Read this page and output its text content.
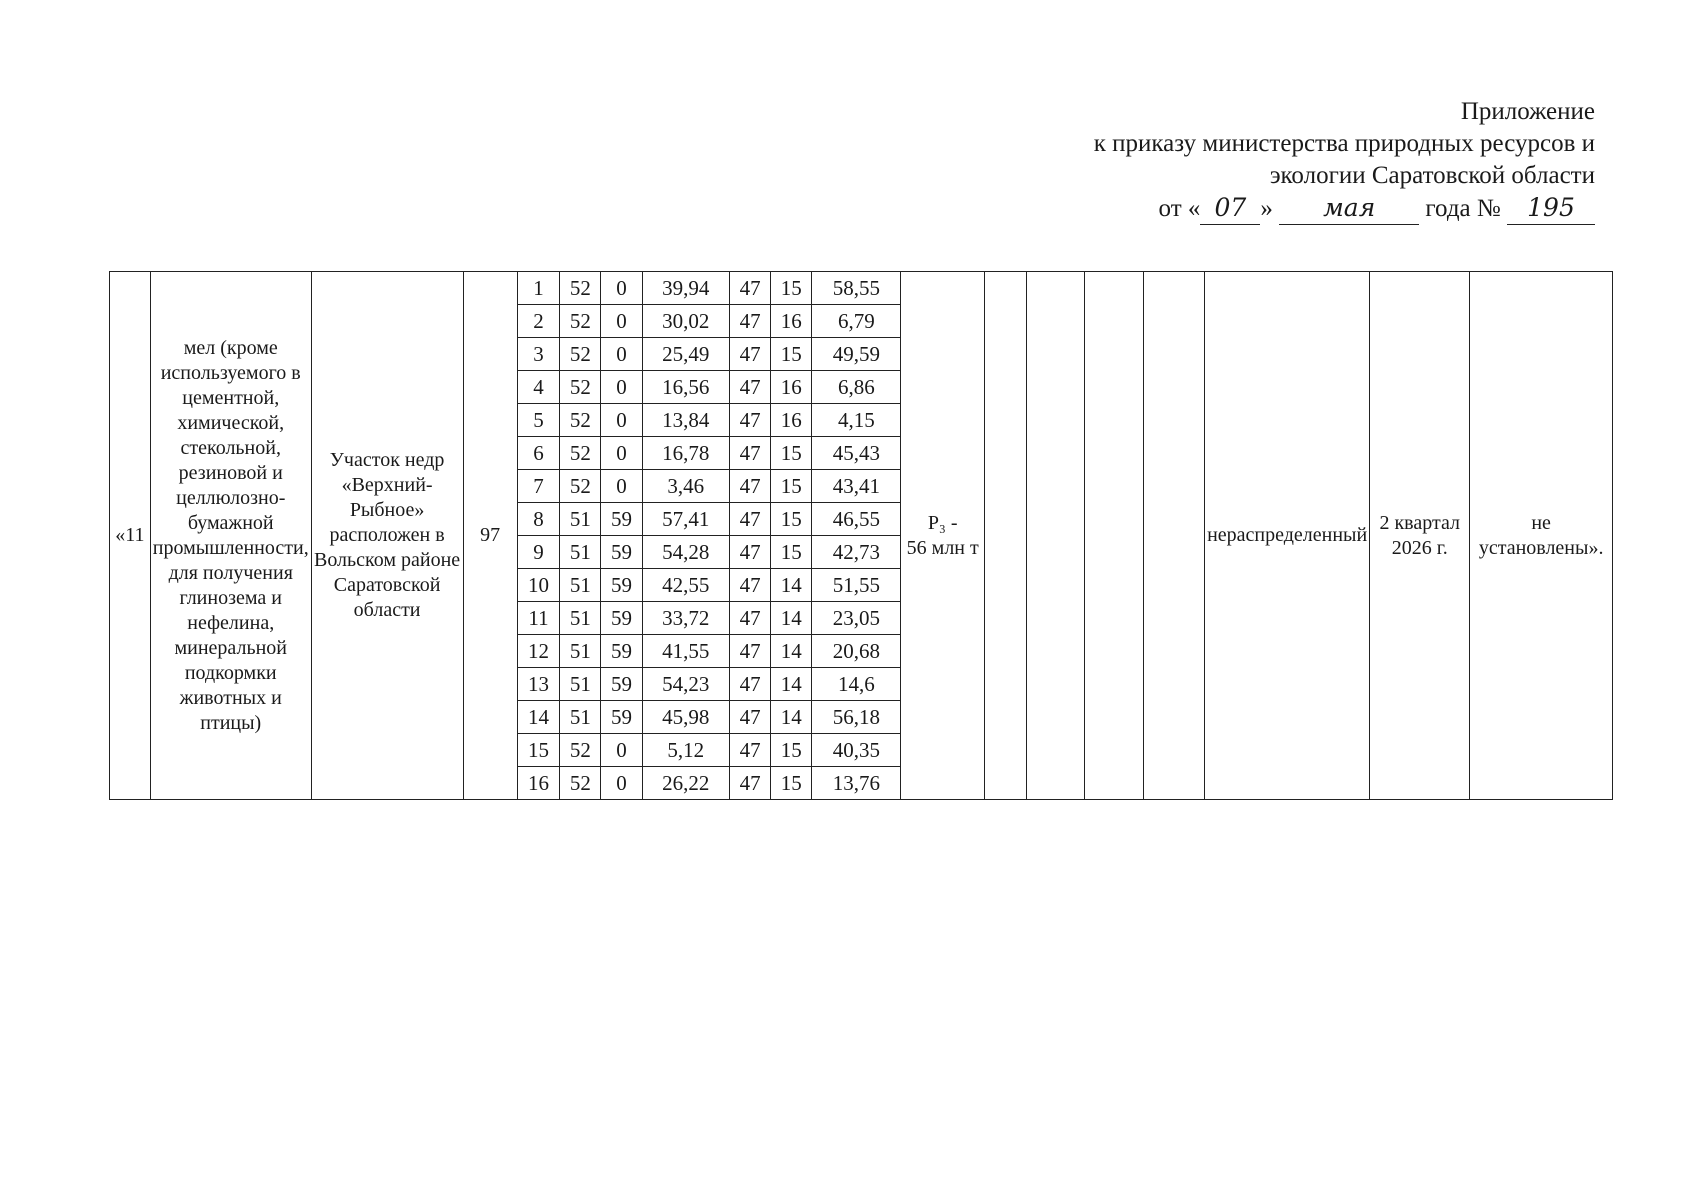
Приложение
к приказу министерства природных ресурсов и
экологии Саратовской области
от « 07 » мая года № 195
«11	мел (кроме используемого в цементной, химической, стекольной, резиновой и целлюлозно-бумажной промышленности, для получения глинозема и нефелина, минеральной подкормки животных и птицы)	Участок недр «Верхний-Рыбное» расположен в Вольском районе Саратовской области	97	
1	52	0	39,94	47	15	58,55
2	52	0	30,02	47	16	6,79
3	52	0	25,49	47	15	49,59
4	52	0	16,56	47	16	6,86
5	52	0	13,84	47	16	4,15
6	52	0	16,78	47	15	45,43
7	52	0	3,46	47	15	43,41
8	51	59	57,41	47	15	46,55
9	51	59	54,28	47	15	42,73
10	51	59	42,55	47	14	51,55
11	51	59	33,72	47	14	23,05
12	51	59	41,55	47	14	20,68
13	51	59	54,23	47	14	14,6
14	51	59	45,98	47	14	56,18
15	52	0	5,12	47	15	40,35
16	52	0	26,22	47	15	13,76
	P₃ -
56 млн т					нераспределенный	2 квартал 2026 г.	не установлены».
